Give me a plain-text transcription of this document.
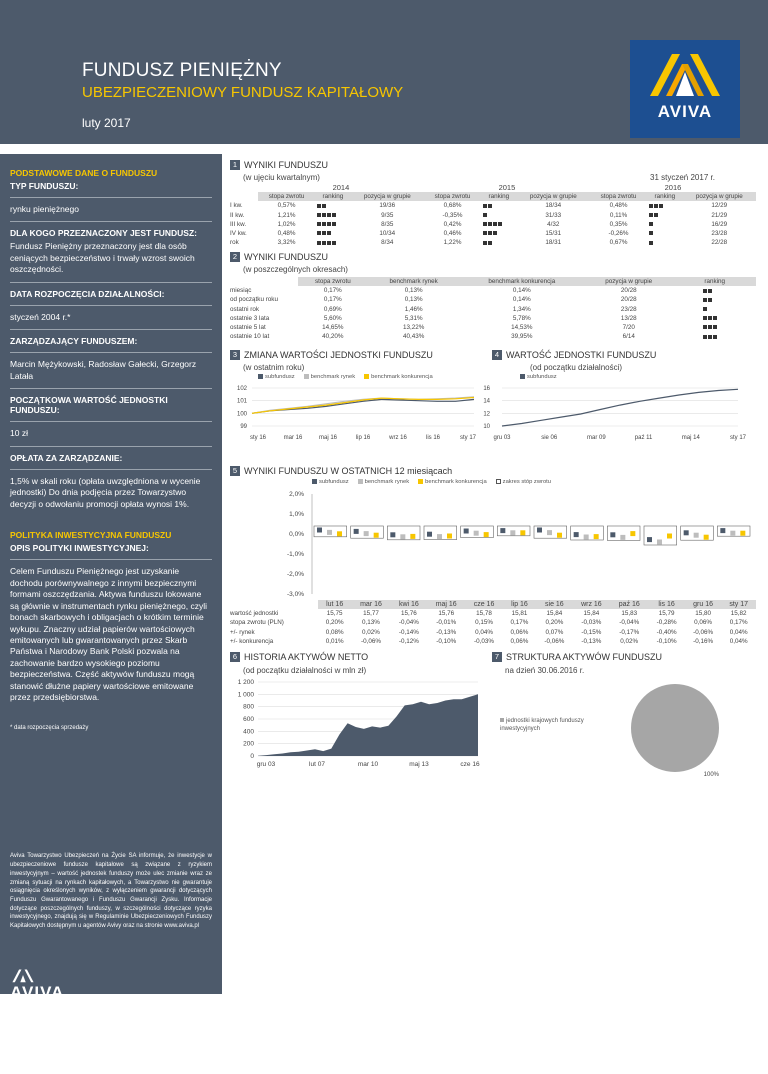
FUNDUSZ PIENIĘŻNY
UBEZPIECZENIOWY FUNDUSZ KAPITAŁOWY
luty 2017
AVIVA
PODSTAWOWE DANE O FUNDUSZU
TYP FUNDUSZU:
rynku pieniężnego
DLA KOGO PRZEZNACZONY JEST FUNDUSZ:
Fundusz Pieniężny przeznaczony jest dla osób ceniących bezpieczeństwo i trwały wzrost swoich oszczędności.
DATA ROZPOCZĘCIA DZIAŁALNOŚCI:
styczeń 2004 r.*
ZARZĄDZAJĄCY FUNDUSZEM:
Marcin Mężykowski, Radosław Gałecki, Grzegorz Latała
POCZĄTKOWA WARTOŚĆ JEDNOSTKI FUNDUSZU:
10 zł
OPŁATA ZA ZARZĄDZANIE:
1,5% w skali roku (opłata uwzględniona w wycenie jednostki) Do dnia podjęcia przez Towarzystwo decyzji o odwołaniu promocji opłata wynosi 1%.
POLITYKA INWESTYCYJNA FUNDUSZU
OPIS POLITYKI INWESTYCYJNEJ:
Celem Funduszu Pieniężnego jest uzyskanie dochodu porównywalnego z innymi bezpiecznymi formami oszczędzania. Aktywa funduszu lokowane są głównie w instrumentach rynku pieniężnego, czyli bonach skarbowych i obligacjach o krótkim terminie wykupu. Znaczny udział papierów wartościowych emitowanych lub gwarantowanych przez Skarb Państwa i Narodowy Bank Polski pozwala na zachowanie bardzo wysokiego poziomu bezpieczeństwa. Część aktywów funduszu mogą stanowić dłużne papiery wartościowe emitowane przez przedsiębiorstwa.
* data rozpoczęcia sprzedaży
Aviva Towarzystwo Ubezpieczeń na Życie SA informuje, że inwestycje w ubezpieczeniowe fundusze kapitałowe są związane z ryzykiem inwestycyjnym – wartość jednostek funduszy może ulec zmianie wraz ze zmianą sytuacji na rynkach kapitałowych, a Towarzystwo nie gwarantuje osiągnięcia określonych wyników, z wyłączeniem gwarancji dotyczących Funduszu Gwarantowanego i Funduszu Gwarancji Zysku. Informacje dotyczące poszczególnych funduszy, w szczególności dotyczące ryzyka inwestycyjnego, znajdują się w Regulaminie Ubezpieczeniowych Funduszy Kapitałowych dostępnym u agentów Avivy oraz na stronie www.aviva.pl
AVIVA
Aviva Towarzystwo Ubezpieczeń na Życie SA
ul. Inflancka 4b
00-189 Warszawa
infolinia: 801 888 444
tel. +48 22 557 44 44
e-mail: bok@aviva.pl, www.aviva.pl
1 WYNIKI FUNDUSZU
(w ujęciu kwartalnym)	31 styczeń 2017 r.
	2014			2015			2016		
	stopa zwrotu	ranking	pozycja w grupie	stopa zwrotu	ranking	pozycja w grupie	stopa zwrotu	ranking	pozycja w grupie
I kw.	0,57%		19/36	0,68%		18/34	0,48%		12/29
II kw.	1,21%		9/35	-0,35%		31/33	0,11%		21/29
III kw.	1,02%		8/35	0,42%		4/32	0,35%		16/29
IV kw.	0,48%		10/34	0,46%		15/31	-0,26%		23/28
rok	3,32%		8/34	1,22%		18/31	0,67%		22/28
2 WYNIKI FUNDUSZU
(w poszczególnych okresach)
	stopa zwrotu	benchmark rynek	benchmark konkurencja	pozycja w grupie	ranking
miesiąc	0,17%	0,13%	0,14%	20/28	
od początku roku	0,17%	0,13%	0,14%	20/28	
ostatni rok	0,69%	1,46%	1,34%	23/28	
ostatnie 3 lata	5,60%	5,31%	5,78%	13/28	
ostatnie 5 lat	14,65%	13,22%	14,53%	7/20	
ostatnie 10 lat	40,20%	40,43%	39,95%	6/14	
3 ZMIANA WARTOŚCI JEDNOSTKI FUNDUSZU
(w ostatnim roku)
subfundusz	benchmark rynek	benchmark konkurencja
99
100
101
102
sty 16	mar 16	maj 16	lip 16	wrz 16	lis 16	sty 17
4 WARTOŚĆ JEDNOSTKI FUNDUSZU
(od początku działalności)
subfundusz
10
12
14
16
gru 03	sie 06	mar 09	paź 11	maj 14	sty 17
5 WYNIKI FUNDUSZU W OSTATNICH 12 miesiącach
subfundusz	benchmark rynek	benchmark konkurencja	zakres stóp zwrotu
2,0%
1,0%
0,0%
-1,0%
-2,0%
-3,0%
	lut 16	mar 16	kwi 16	maj 16	cze 16	lip 16	sie 16	wrz 16	paź 16	lis 16	gru 16	sty 17
wartość jednostki	15,75	15,77	15,76	15,76	15,78	15,81	15,84	15,84	15,83	15,79	15,80	15,82
stopa zwrotu (PLN)	0,20%	0,13%	-0,04%	-0,01%	0,15%	0,17%	0,20%	-0,03%	-0,04%	-0,28%	0,06%	0,17%
+/- rynek	0,08%	0,02%	-0,14%	-0,13%	0,04%	0,06%	0,07%	-0,15%	-0,17%	-0,40%	-0,06%	0,04%
+/- konkurencja	0,01%	-0,06%	-0,12%	-0,10%	-0,03%	0,06%	-0,06%	-0,13%	0,02%	-0,10%	-0,16%	0,04%
6 HISTORIA AKTYWÓW NETTO
(od początku działalności w mln zł)
0
200
400
600
800
1 000
1 200
gru 03	lut 07	mar 10	maj 13	cze 16
7 STRUKTURA AKTYWÓW FUNDUSZU
na dzień 30.06.2016 r.
jednostki krajowych funduszy inwestycyjnych
100%
